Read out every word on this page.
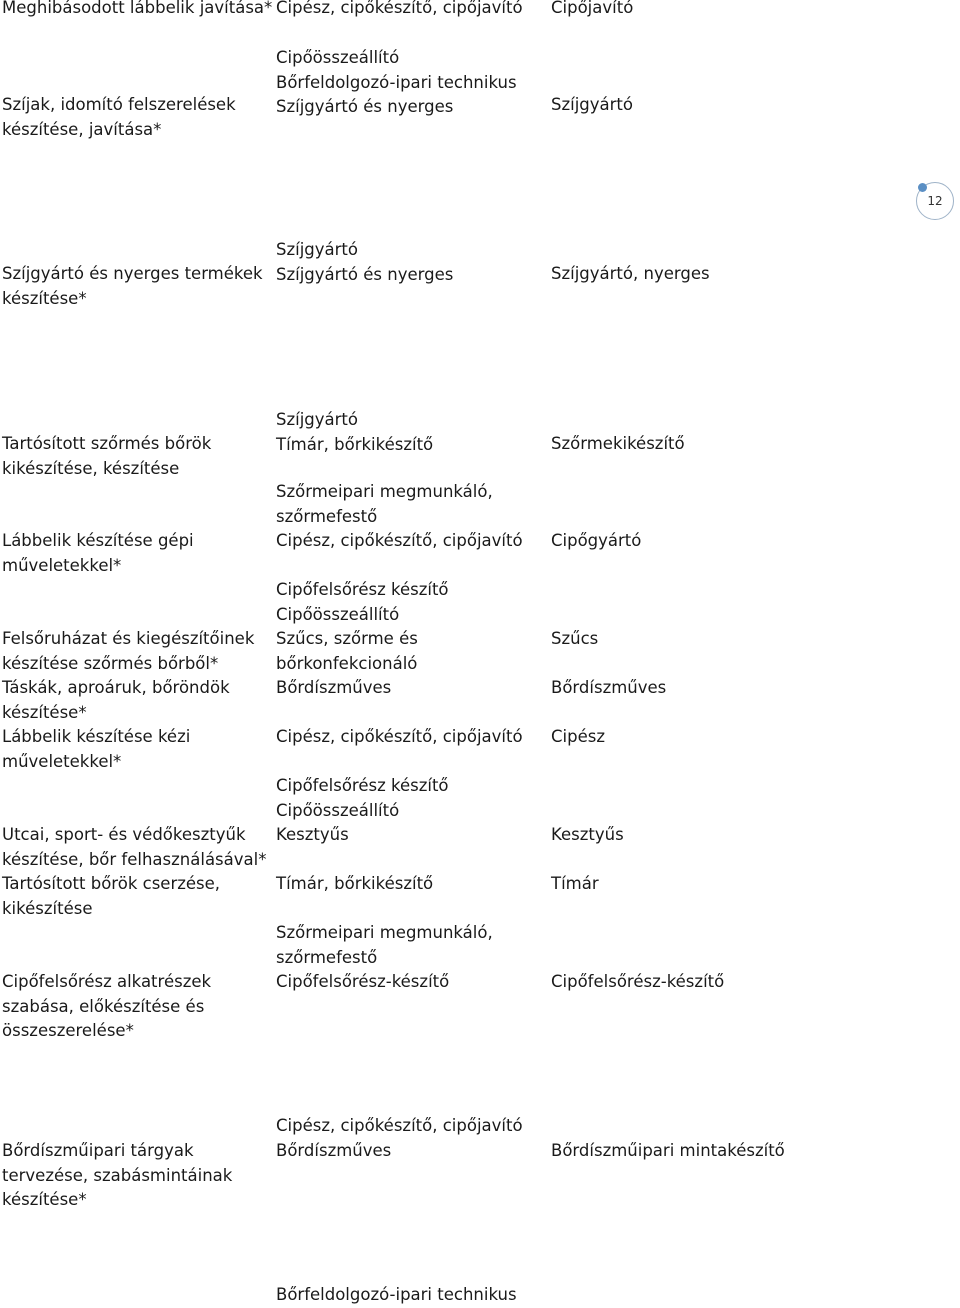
Meghibásodott lábbelik javítása*
Szíjak, idomító felszerelések
készítése, javítása*
Szíjgyártó és nyerges termékek
készítése*
Tartósított szőrmés bőrök
kikészítése, készítése
Lábbelik készítése gépi
műveletekkel*
Felsőruházat és kiegészítőinek
készítése szőrmés bőrből*
Táskák, aproáruk, bőröndök
készítése*
Lábbelik készítése kézi
műveletekkel*
Utcai, sport- és védőkesztyűk
készítése, bőr felhasználásával*
Tartósított bőrök cserzése,
kikészítése
Cipőfelsőrész alkatrészek
szabása, előkészítése és
összeszerelése*
Bőrdíszműipari tárgyak
tervezése, szabásmintáinak
készítése*
Cipész, cipőkészítő, cipőjavító
Cipőösszeállító
Bőrfeldolgozó-ipari technikus
Szíjgyártó és nyerges
Szíjgyártó
Szíjgyártó és nyerges
Szíjgyártó
Tímár, bőrkikészítő
Szőrmeipari megmunkáló,
szőrmefestő
Cipész, cipőkészítő, cipőjavító
Cipőfelsőrész készítő
Cipőösszeállító
Szűcs, szőrme és
bőrkonfekcionáló
Bőrdíszműves
Cipész, cipőkészítő, cipőjavító
Cipőfelsőrész készítő
Cipőösszeállító
Kesztyűs
Tímár, bőrkikészítő
Szőrmeipari megmunkáló,
szőrmefestő
Cipőfelsőrész-készítő
Cipész, cipőkészítő, cipőjavító
Bőrdíszműves
Bőrfeldolgozó-ipari technikus
Cipőjavító
Szíjgyártó
Szíjgyártó, nyerges
Szőrmekikészítő
Cipőgyártó
Szűcs
Bőrdíszműves
Cipész
Kesztyűs
Tímár
Cipőfelsőrész-készítő
Bőrdíszműipari mintakészítő
12
